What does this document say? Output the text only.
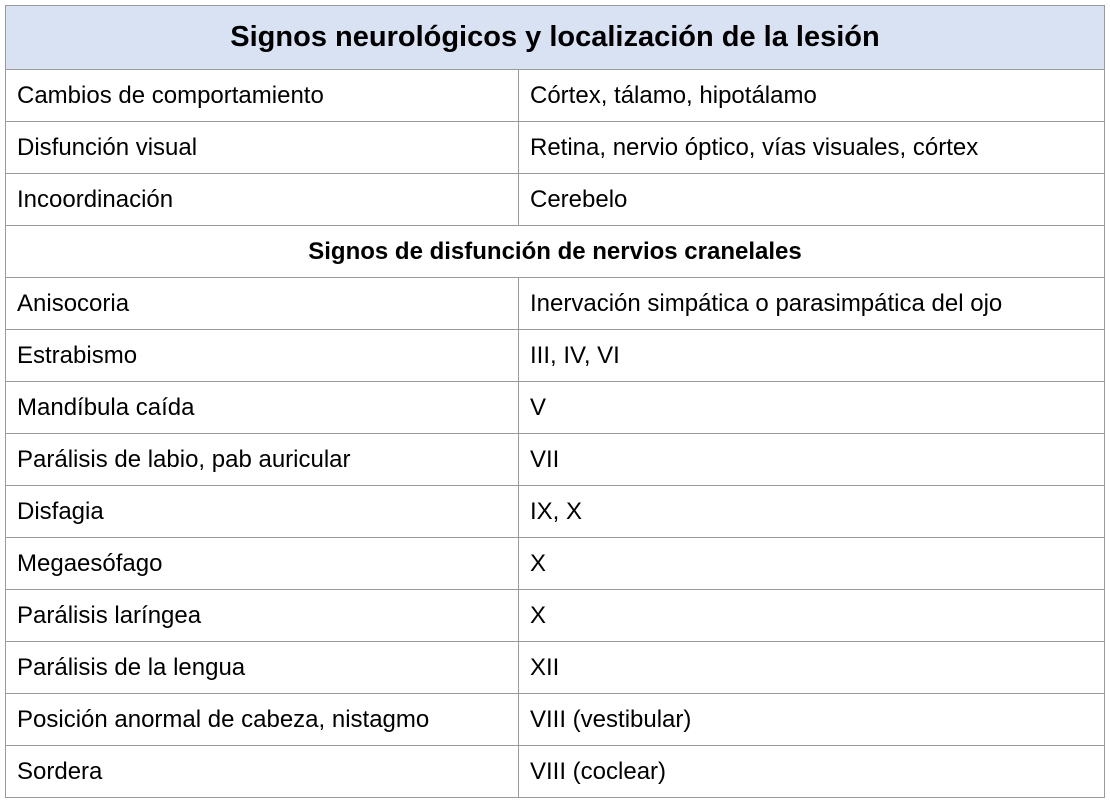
Signos neurológicos y localización de la lesión	
Cambios de comportamiento	Córtex, tálamo, hipotálamo
Disfunción visual	Retina, nervio óptico, vías visuales, córtex
Incoordinación	Cerebelo
Signos de disfunción de nervios cranelales	
Anisocoria	Inervación simpática o parasimpática del ojo
Estrabismo	III, IV, VI
Mandíbula caída	V
Parálisis de labio, pab auricular	VII
Disfagia	IX, X
Megaesófago	X
Parálisis laríngea	X
Parálisis de la lengua	XII
Posición anormal de cabeza, nistagmo	VIII (vestibular)
Sordera	VIII (coclear)
